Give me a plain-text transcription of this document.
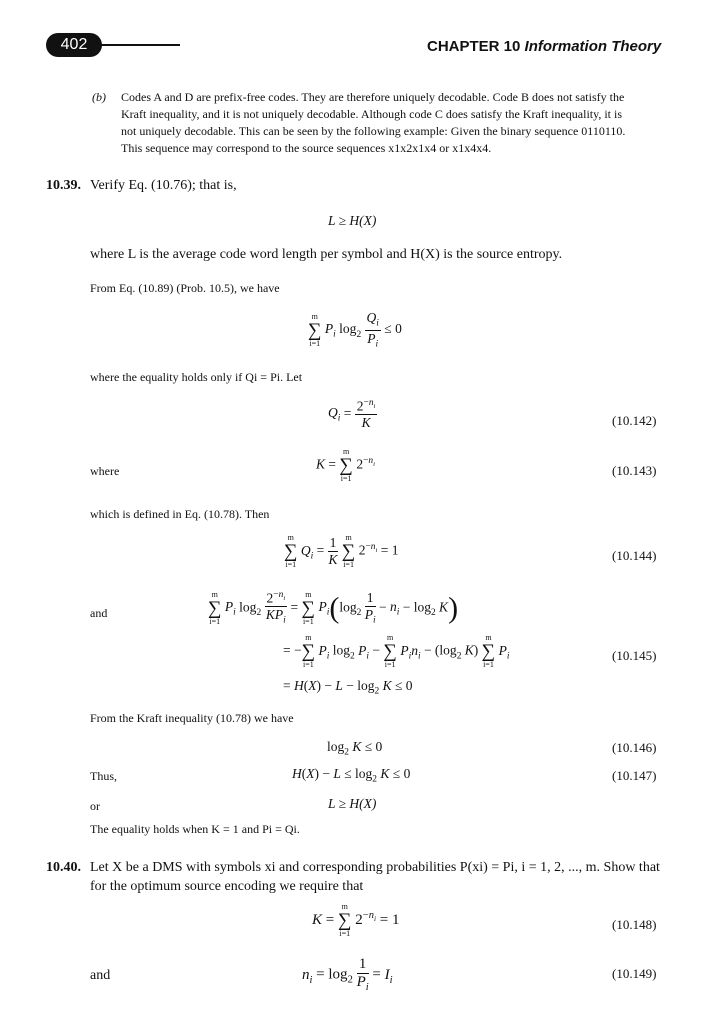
402	CHAPTER 10 Information Theory
(b) Codes A and D are prefix-free codes. They are therefore uniquely decodable. Code B does not satisfy the
Kraft inequality, and it is not uniquely decodable. Although code C does satisfy the Kraft inequality, it is
not uniquely decodable. This can be seen by the following example: Given the binary sequence 0110110.
This sequence may correspond to the source sequences x1x2x1x4 or x1x4x4.
10.39. Verify Eq. (10.76); that is,
L ≥ H(X)
where L is the average code word length per symbol and H(X) is the source entropy.
From Eq. (10.89) (Prob. 10.5), we have
m
∑
i=1
$P_i$ $\log_2 \frac{Q_i}{P_i} \le 0$
where the equality holds only if Qi = Pi. Let
$Q_i = \frac{2^{-n_i}}{K}$	(10.142)
where	K =
m
∑
i=1
$2^{-n_i}$	(10.143)
which is defined in Eq. (10.78). Then
m
∑
i=1
$Q_i = \frac{1}{K}$
m
∑
i=1
$2^{-n_i} = 1$	(10.144)
and
m
∑
i=1
$P_i$ $\log_2 \frac{2^{-n_i}}{KP_i}$ =
m
∑
i=1
$P_i(\log_2 \frac{1}{P_i} - n_i - \log_2 K)$
= −
m
∑
i=1
$P_i$ $\log_2 P_i$ −
m
∑
i=1
$P_in_i - (\log_2$ K)
m
∑
i=1
$P_i$	(10.145)
= $H(X) - L - \log_2 K \le 0$
From the Kraft inequality (10.78) we have
$\log_2 K \le 0$	(10.146)
Thus,	$H(X) - L \le \log_2 K \le 0$	(10.147)
or	L ≥ H(X)
The equality holds when K = 1 and Pi = Qi.
10.40. Let X be a DMS with symbols xi and corresponding probabilities P(xi) = Pi, i = 1, 2, ..., m. Show that
for the optimum source encoding we require that
K =
m
∑
i=1
$2^{-n_i} = 1$	(10.148)
and	$n_i = \log_2 \frac{1}{P_i} = I_i$	(10.149)
